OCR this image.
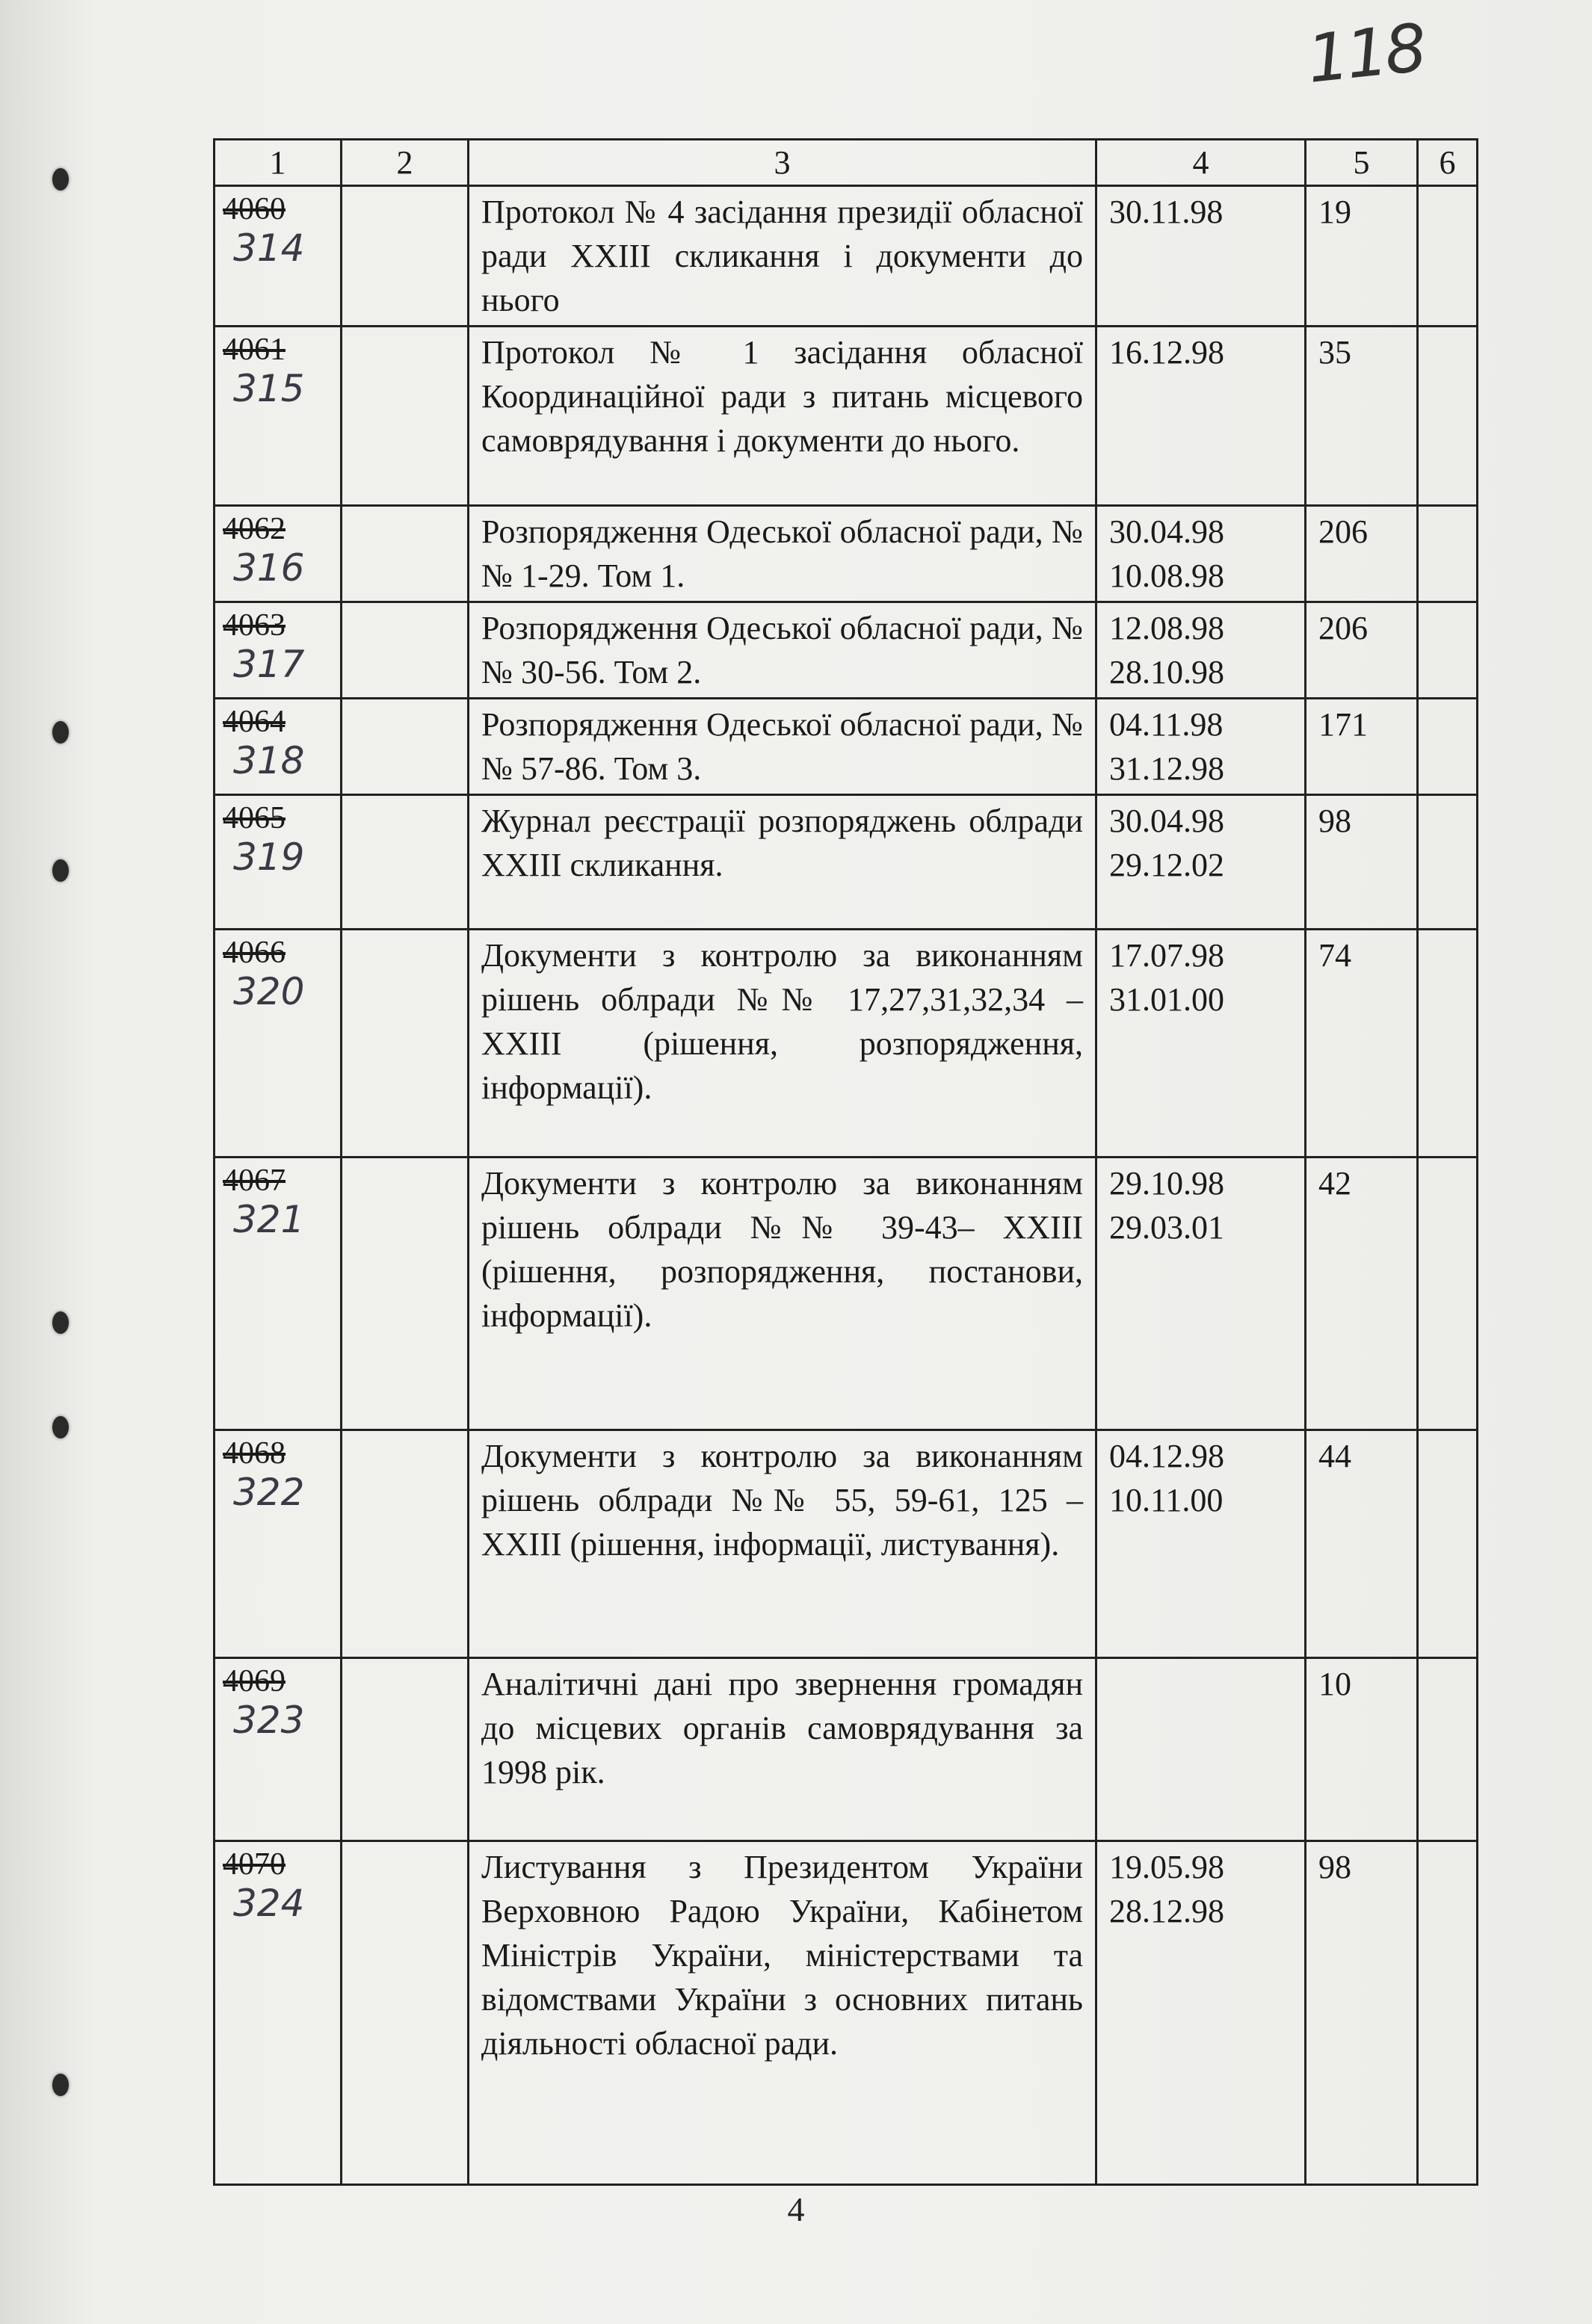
118
1	2	3	4	5	6

4060
314		Протокол № 4 засідання президії обласної ради XXIII скликання і документи до нього	30.11.98	19	

4061
315		Протокол № 1 засідання обласної Координаційної ради з питань місцевого самоврядування і документи до нього.	16.12.98	35	

4062
316		Розпорядження Одеської обласної ради, №№ 1-29. Том 1.	30.04.98
10.08.98	206	

4063
317		Розпорядження Одеської обласної ради, №№ 30-56. Том 2.	12.08.98
28.10.98	206	

4064
318		Розпорядження Одеської обласної ради, №№ 57-86. Том 3.	04.11.98
31.12.98	171	

4065
319		Журнал реєстрації розпоряджень облради XXIII скликання.	30.04.98
29.12.02	98	

4066
320		Документи з контролю за виконанням рішень облради №№ 17,27,31,32,34 – XXIII (рішення, розпорядження, інформації).	17.07.98
31.01.00	74	

4067
321		Документи з контролю за виконанням рішень облради №№ 39-43– XXIII (рішення, розпорядження, постанови, інформації).	29.10.98
29.03.01	42	

4068
322		Документи з контролю за виконанням рішень облради №№ 55, 59-61, 125 – XXIII (рішення, інформації, листування).	04.12.98
10.11.00	44	

4069
323		Аналітичні дані про звернення громадян до місцевих органів самоврядування за 1998 рік.		10	

4070
324		Листування з Президентом України Верховною Радою України, Кабінетом Міністрів України, міністерствами та відомствами України з основних питань діяльності обласної ради.	19.05.98
28.12.98	98	
4
